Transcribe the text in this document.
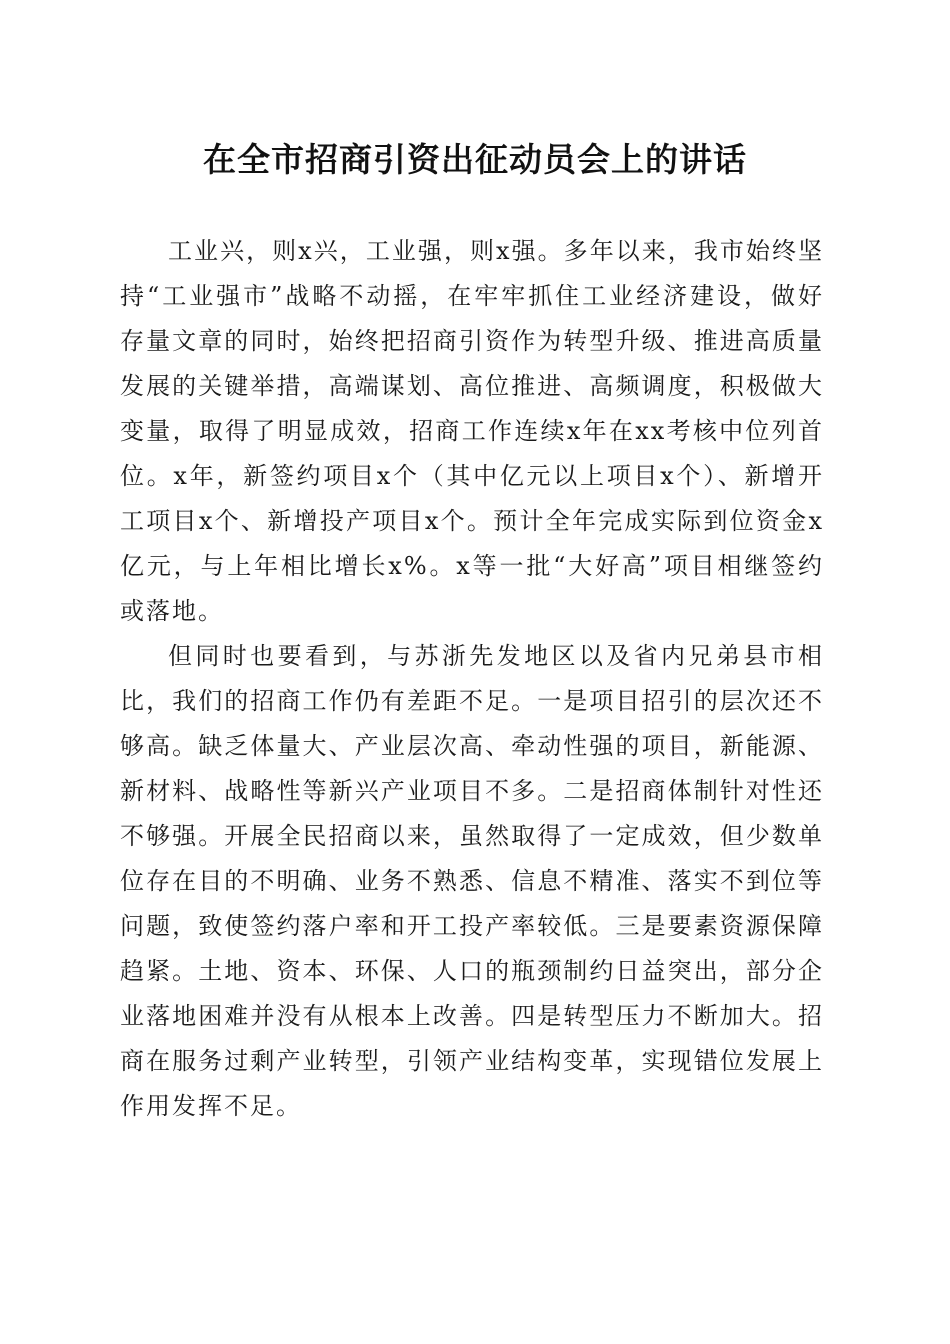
在全市招商引资出征动员会上的讲话

工业兴，则x兴，工业强，则x强。多年以来，我市始终坚持“工业强市”战略不动摇，在牢牢抓住工业经济建设，做好存量文章的同时，始终把招商引资作为转型升级、推进高质量发展的关键举措，高端谋划、高位推进、高频调度，积极做大变量，取得了明显成效，招商工作连续x年在xx考核中位列首位。x年，新签约项目x个（其中亿元以上项目x个）、新增开工项目x个、新增投产项目x个。预计全年完成实际到位资金x亿元，与上年相比增长x%。x等一批“大好高”项目相继签约或落地。

但同时也要看到，与苏浙先发地区以及省内兄弟县市相比，我们的招商工作仍有差距不足。一是项目招引的层次还不够高。缺乏体量大、产业层次高、牵动性强的项目，新能源、新材料、战略性等新兴产业项目不多。二是招商体制针对性还不够强。开展全民招商以来，虽然取得了一定成效，但少数单位存在目的不明确、业务不熟悉、信息不精准、落实不到位等问题，致使签约落户率和开工投产率较低。三是要素资源保障趋紧。土地、资本、环保、人口的瓶颈制约日益突出，部分企业落地困难并没有从根本上改善。四是转型压力不断加大。招商在服务过剩产业转型，引领产业结构变革，实现错位发展上作用发挥不足。
